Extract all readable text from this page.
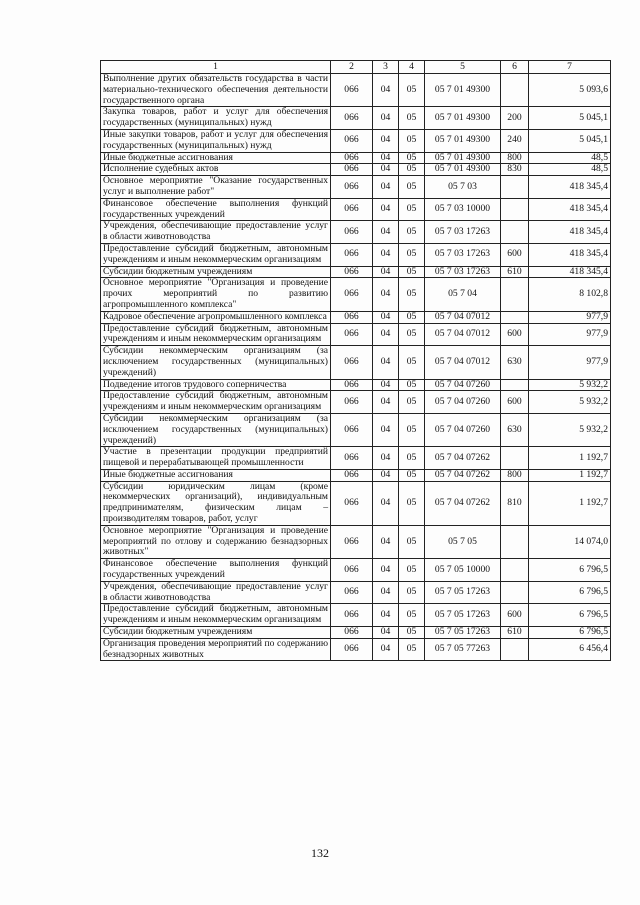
1	2	3	4	5	6	7
Выполнение других обязательств государства в части материально-технического обеспечения деятельности государственного органа	066	04	05	05 7 01 49300		5 093,6
Закупка товаров, работ и услуг для обеспечения государственных (муниципальных) нужд	066	04	05	05 7 01 49300	200	5 045,1
Иные закупки товаров, работ и услуг для обеспечения государственных (муниципальных) нужд	066	04	05	05 7 01 49300	240	5 045,1
Иные бюджетные ассигнования	066	04	05	05 7 01 49300	800	48,5
Исполнение судебных актов	066	04	05	05 7 01 49300	830	48,5
Основное мероприятие "Оказание государственных услуг и выполнение работ"	066	04	05	05 7 03		418 345,4
Финансовое обеспечение выполнения функций государственных учреждений	066	04	05	05 7 03 10000		418 345,4
Учреждения, обеспечивающие предоставление услуг в области животноводства	066	04	05	05 7 03 17263		418 345,4
Предоставление субсидий бюджетным, автономным учреждениям и иным некоммерческим организациям	066	04	05	05 7 03 17263	600	418 345,4
Субсидии бюджетным учреждениям	066	04	05	05 7 03 17263	610	418 345,4
Основное мероприятие "Организация и проведение прочих мероприятий по развитию агропромышленного комплекса"	066	04	05	05 7 04		8 102,8
Кадровое обеспечение агропромышленного комплекса	066	04	05	05 7 04 07012		977,9
Предоставление субсидий бюджетным, автономным учреждениям и иным некоммерческим организациям	066	04	05	05 7 04 07012	600	977,9
Субсидии некоммерческим организациям (за исключением государственных (муниципальных) учреждений)	066	04	05	05 7 04 07012	630	977,9
Подведение итогов трудового соперничества	066	04	05	05 7 04 07260		5 932,2
Предоставление субсидий бюджетным, автономным учреждениям и иным некоммерческим организациям	066	04	05	05 7 04 07260	600	5 932,2
Субсидии некоммерческим организациям (за исключением государственных (муниципальных) учреждений)	066	04	05	05 7 04 07260	630	5 932,2
Участие в презентации продукции предприятий пищевой и перерабатывающей промышленности	066	04	05	05 7 04 07262		1 192,7
Иные бюджетные ассигнования	066	04	05	05 7 04 07262	800	1 192,7
Субсидии юридическим лицам (кроме некоммерческих организаций), индивидуальным предпринимателям, физическим лицам – производителям товаров, работ, услуг	066	04	05	05 7 04 07262	810	1 192,7
Основное мероприятие "Организация и проведение мероприятий по отлову и содержанию безнадзорных животных"	066	04	05	05 7 05		14 074,0
Финансовое обеспечение выполнения функций государственных учреждений	066	04	05	05 7 05 10000		6 796,5
Учреждения, обеспечивающие предоставление услуг в области животноводства	066	04	05	05 7 05 17263		6 796,5
Предоставление субсидий бюджетным, автономным учреждениям и иным некоммерческим организациям	066	04	05	05 7 05 17263	600	6 796,5
Субсидии бюджетным учреждениям	066	04	05	05 7 05 17263	610	6 796,5
Организация проведения мероприятий по содержанию безнадзорных животных	066	04	05	05 7 05 77263		6 456,4
132
